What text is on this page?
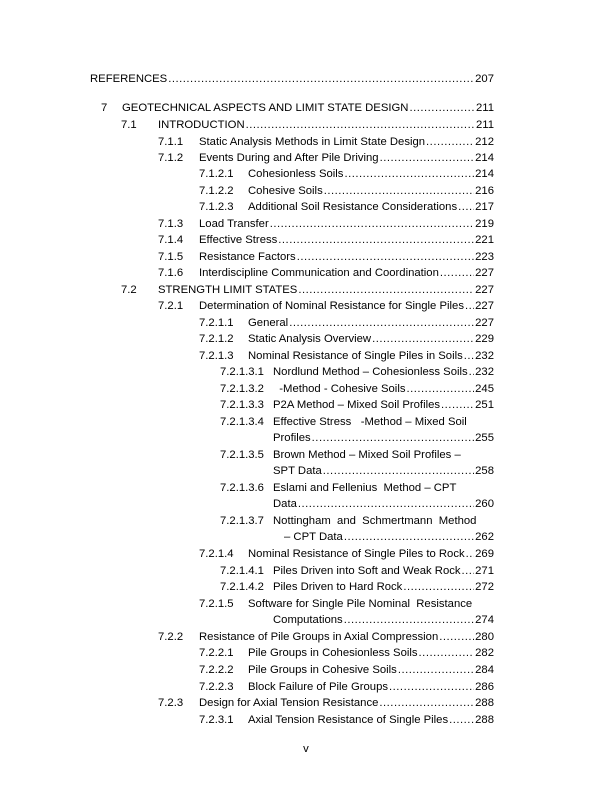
REFERENCES .....	207
7 GEOTECHNICAL ASPECTS AND LIMIT STATE DESIGN .....	211
7.1 INTRODUCTION .....	211
7.1.1 Static Analysis Methods in Limit State Design .....	212
7.1.2 Events During and After Pile Driving .....	214
7.1.2.1 Cohesionless Soils .....	214
7.1.2.2 Cohesive Soils .....	216
7.1.2.3 Additional Soil Resistance Considerations ..... 217
7.1.3 Load Transfer .....	219
7.1.4 Effective Stress .....	221
7.1.5 Resistance Factors .....	223
7.1.6 Interdiscipline Communication and Coordination .....	227
7.2 STRENGTH LIMIT STATES .....	227
7.2.1 Determination of Nominal Resistance for Single Piles ..... 227
7.2.1.1 General .....	227
7.2.1.2 Static Analysis Overview .....	229
7.2.1.3 Nominal Resistance of Single Piles in Soils ..... 232
7.2.1.3.1 Nordlund Method – Cohesionless Soils ..... 232
7.2.1.3.2 -Method - Cohesive Soils .....	245
7.2.1.3.3 P2A Method – Mixed Soil Profiles .....	251
7.2.1.3.4 Effective Stress   -Method – Mixed Soil
Profiles .....	255
7.2.1.3.5 Brown Method – Mixed Soil Profiles –
SPT Data .....	258
7.2.1.3.6 Eslami and Fellenius  Method – CPT
Data .....	260
7.2.1.3.7 Nottingham  and  Schmertmann  Method
– CPT Data .....	262
7.2.1.4 Nominal Resistance of Single Piles to Rock ..... 269
7.2.1.4.1 Piles Driven into Soft and Weak Rock ..... 271
7.2.1.4.2 Piles Driven to Hard Rock .....	272
7.2.1.5 Software for Single Pile Nominal  Resistance
Computations .....	274
7.2.2 Resistance of Pile Groups in Axial Compression .....	280
7.2.2.1 Pile Groups in Cohesionless Soils .....	282
7.2.2.2 Pile Groups in Cohesive Soils .....	284
7.2.2.3 Block Failure of Pile Groups .....	286
7.2.3 Design for Axial Tension Resistance .....	288
7.2.3.1 Axial Tension Resistance of Single Piles ..... 288
v
